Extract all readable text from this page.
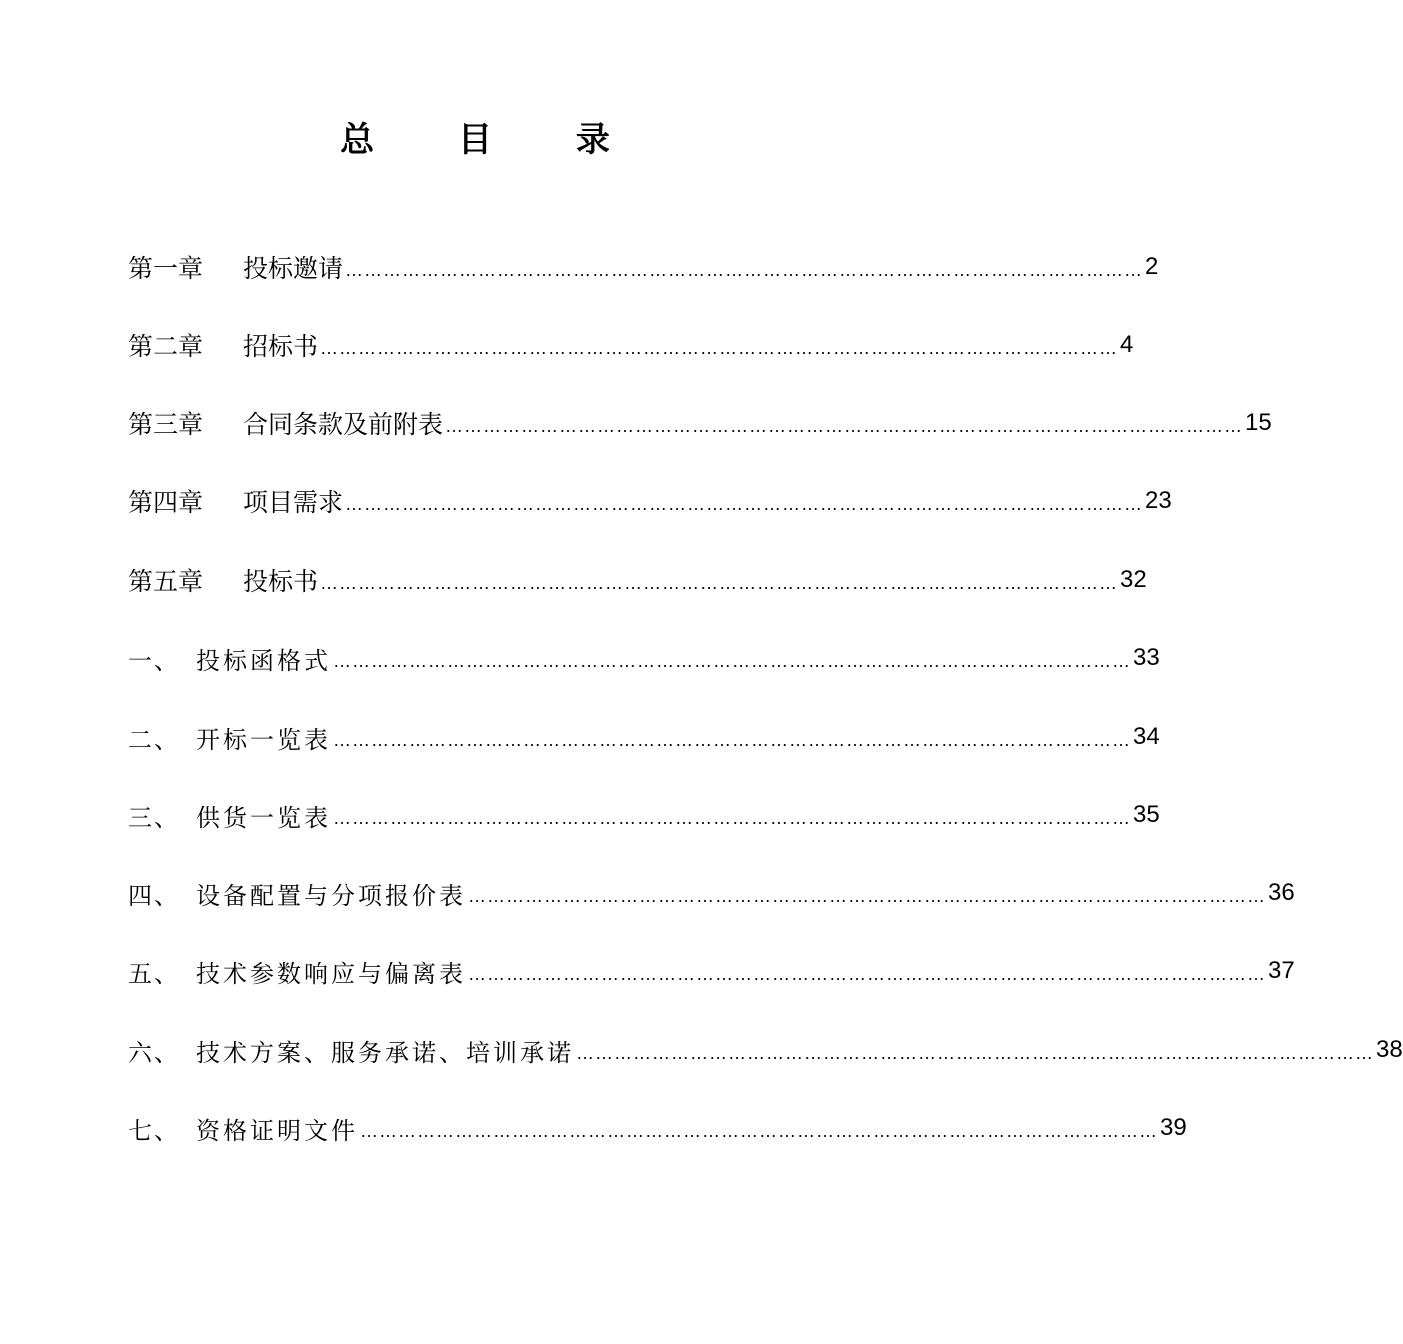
总 目 录
第一章	投标邀请 ……………………………………………………………………………………………………………… 2
第二章	招标书 ……………………………………………………………………………………………………………… 4
第三章	合同条款及前附表 ……………………………………………………………………………………………………………… 15
第四章	项目需求 ……………………………………………………………………………………………………………… 23
第五章	投标书 ……………………………………………………………………………………………………………… 32
一、 投标函格式 ……………………………………………………………………………………………………………… 33
二、 开标一览表 ……………………………………………………………………………………………………………… 34
三、 供货一览表 ……………………………………………………………………………………………………………… 35
四、 设备配置与分项报价表 ……………………………………………………………………………………………………………… 36
五、 技术参数响应与偏离表 ……………………………………………………………………………………………………………… 37
六、 技术方案、服务承诺、培训承诺 ……………………………………………………………………………………………………………… 38
七、 资格证明文件 ……………………………………………………………………………………………………………… 39
